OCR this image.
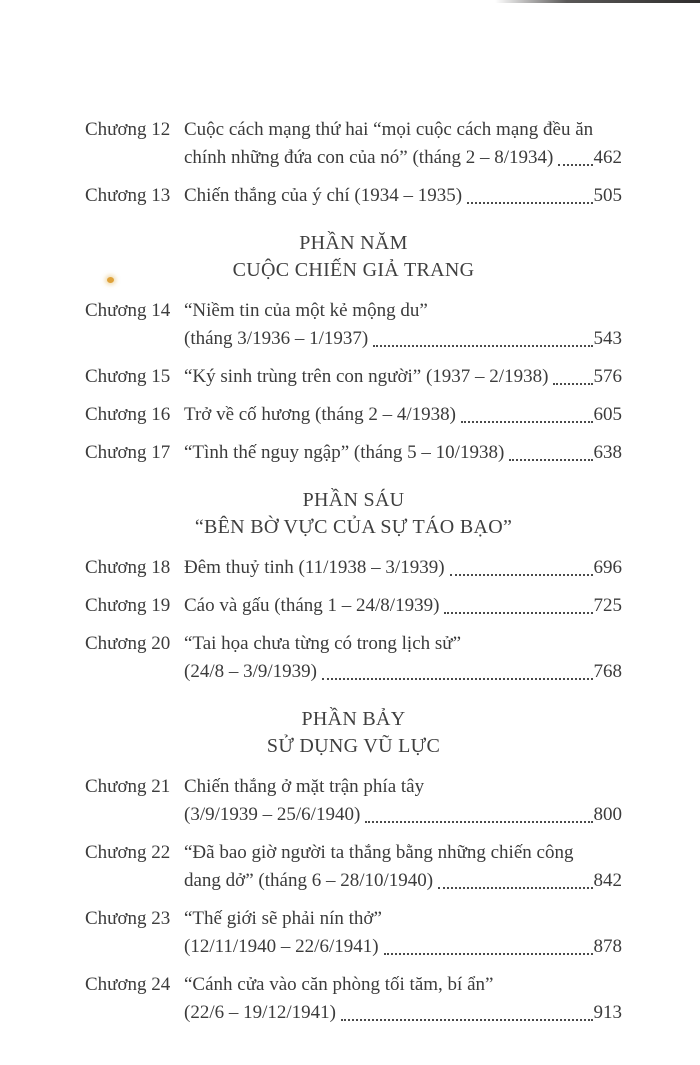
Chương 12 Cuộc cách mạng thứ hai “mọi cuộc cách mạng đều ăn
chính những đứa con của nó” (tháng 2 – 8/1934) 462
Chương 13 Chiến thắng của ý chí (1934 – 1935)	505
PHẦN NĂM
CUỘC CHIẾN GIẢ TRANG
Chương 14 “Niềm tin của một kẻ mộng du”
(tháng 3/1936 – 1/1937)	543
Chương 15 “Ký sinh trùng trên con người” (1937 – 2/1938) 576
Chương 16 Trở về cố hương (tháng 2 – 4/1938)	605
Chương 17 “Tình thế nguy ngập” (tháng 5 – 10/1938)	638
PHẦN SÁU
“BÊN BỜ VỰC CỦA SỰ TÁO BẠO”
Chương 18 Đêm thuỷ tinh (11/1938 – 3/1939)	696
Chương 19 Cáo và gấu (tháng 1 – 24/8/1939)	725
Chương 20 “Tai họa chưa từng có trong lịch sử”
(24/8 – 3/9/1939)	768
PHẦN BẢY
SỬ DỤNG VŨ LỰC
Chương 21 Chiến thắng ở mặt trận phía tây
(3/9/1939 – 25/6/1940)	800
Chương 22 “Đã bao giờ người ta thắng bằng những chiến công
dang dở” (tháng 6 – 28/10/1940)	842
Chương 23 “Thế giới sẽ phải nín thở”
(12/11/1940 – 22/6/1941)	878
Chương 24 “Cánh cửa vào căn phòng tối tăm, bí ẩn”
(22/6 – 19/12/1941)	913
